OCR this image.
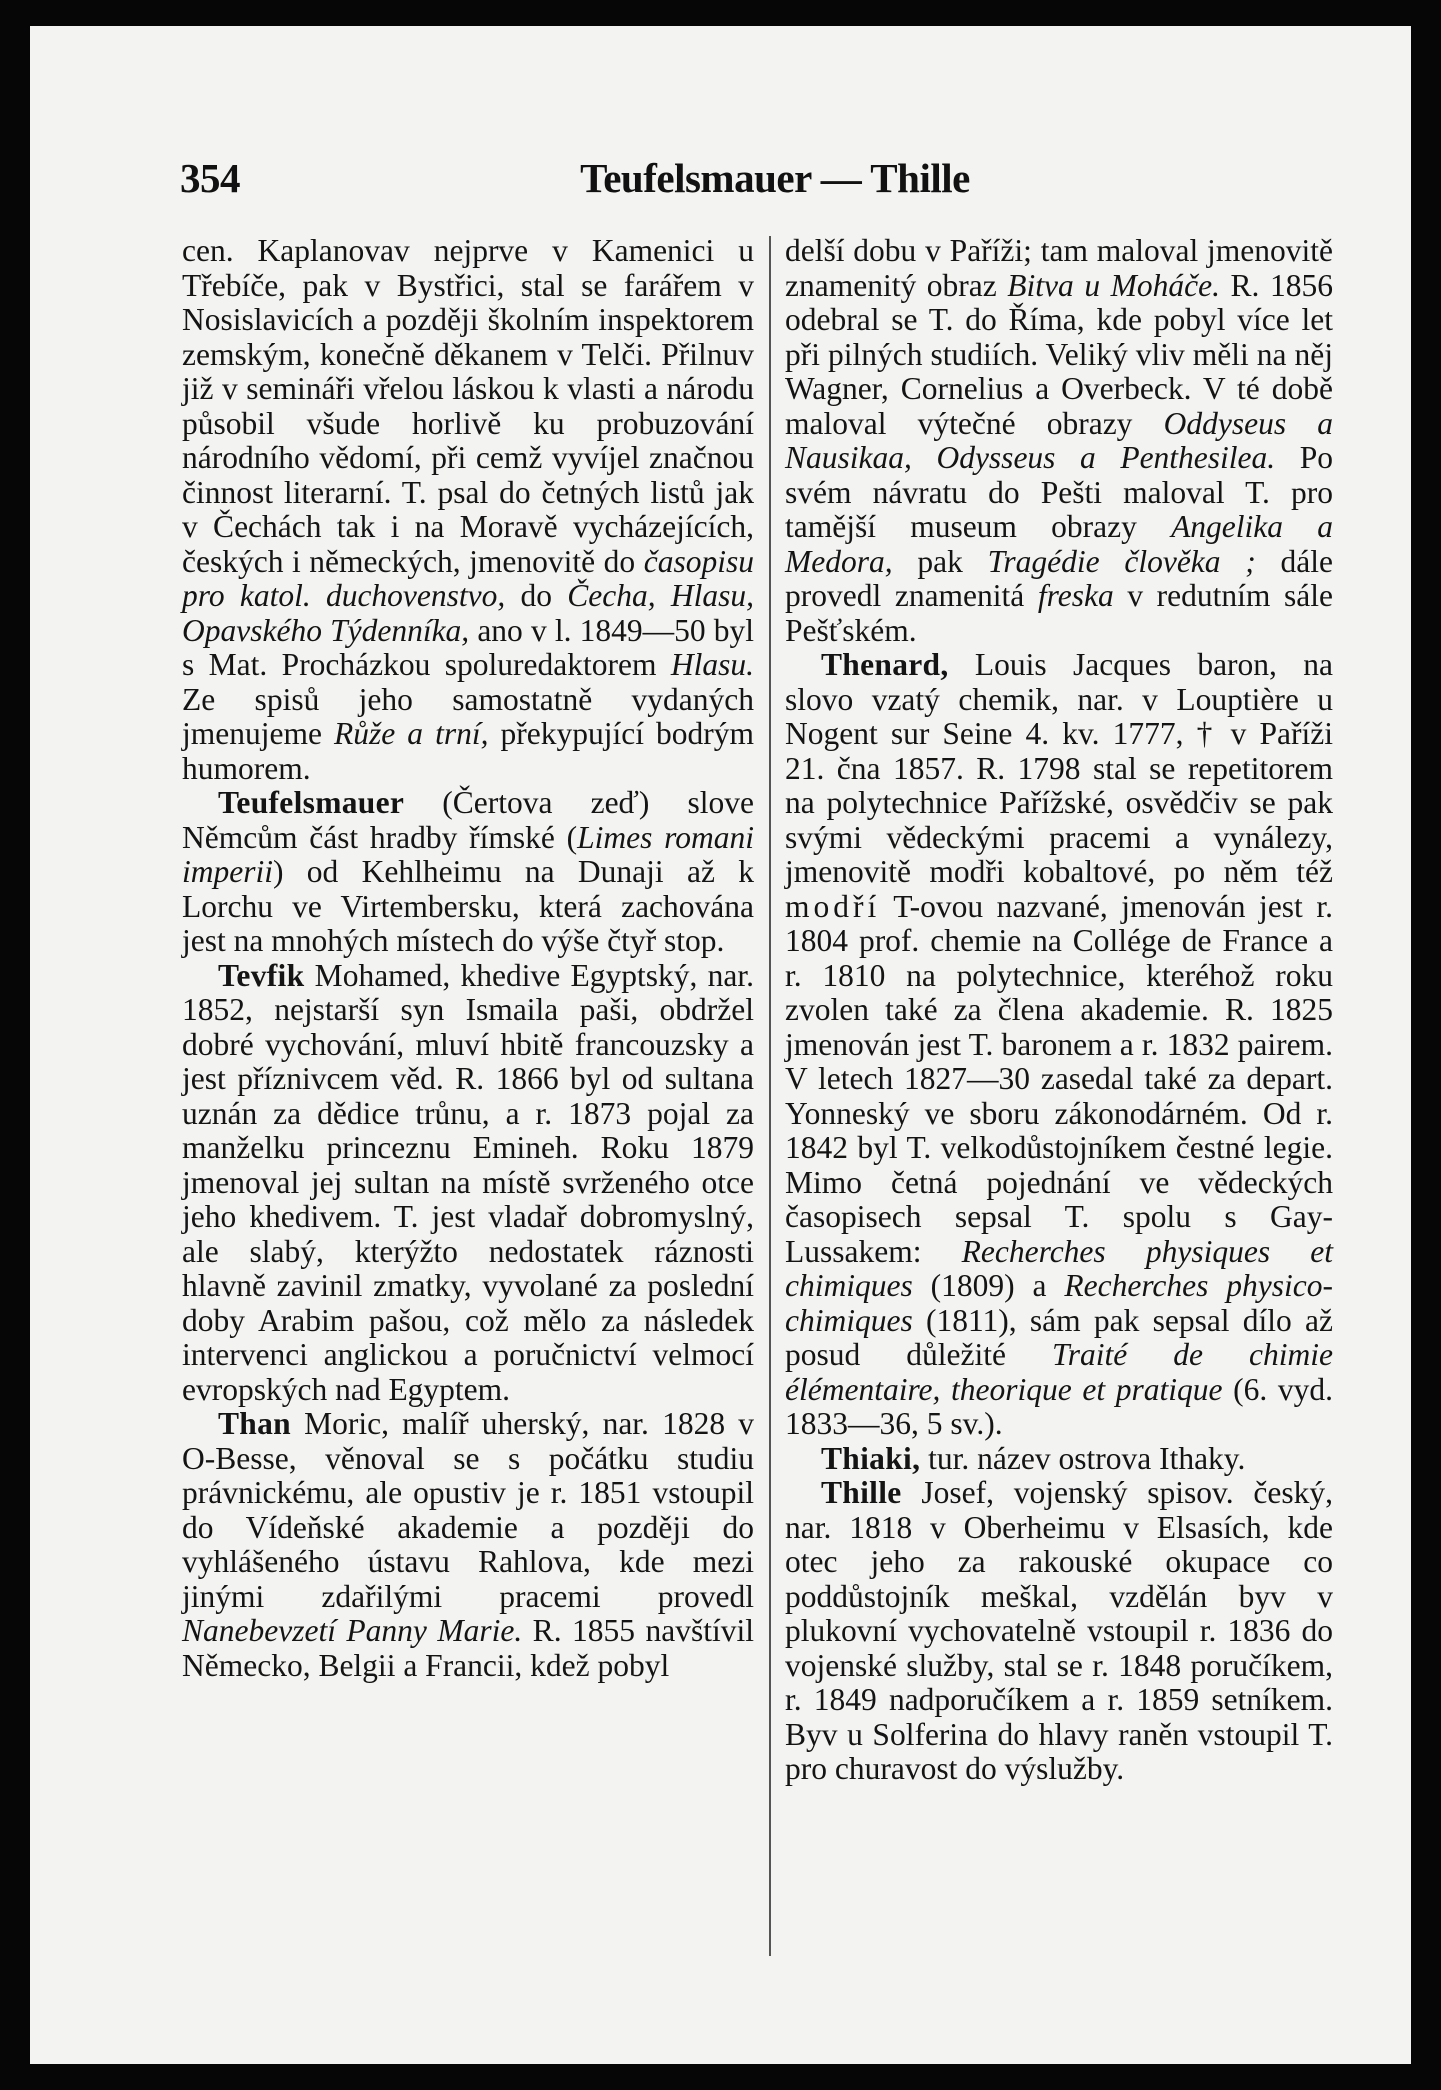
354	Teufelsmauer — Thille

cen. Kaplanovav nejprve v Kamenici u Třebíče, pak v Bystřici, stal se farářem v Nosislavicích a později školním inspektorem zemským, konečně děkanem v Telči. Přilnuv již v semináři vřelou láskou k vlasti a národu působil všude horlivě ku probuzování národního vědomí, při cemž vyvíjel značnou činnost literarní. T. psal do četných listů jak v Čechách tak i na Moravě vycházejících, českých i německých, jmenovitě do časopisu pro katol. duchovenstvo, do Čecha, Hlasu, Opavského Týdenníka, ano v l. 1849—50 byl s Mat. Procházkou spoluredaktorem Hlasu. Ze spisů jeho samostatně vydaných jmenujeme Růže a trní, překypující bodrým humorem.

Teufelsmauer (Čertova zeď) slove Němcům část hradby římské (Limes romani imperii) od Kehlheimu na Dunaji až k Lorchu ve Virtembersku, která zachována jest na mnohých místech do výše čtyř stop.

Tevfik Mohamed, khedive Egyptský, nar. 1852, nejstarší syn Ismaila paši, obdržel dobré vychování, mluví hbitě francouzsky a jest příznivcem věd. R. 1866 byl od sultana uznán za dědice trůnu, a r. 1873 pojal za manželku princeznu Emineh. Roku 1879 jmenoval jej sultan na místě svrženého otce jeho khedivem. T. jest vladař dobromyslný, ale slabý, kterýžto nedostatek ráznosti hlavně zavinil zmatky, vyvolané za poslední doby Arabim pašou, což mělo za následek intervenci anglickou a poručnictví velmocí evropských nad Egyptem.

Than Moric, malíř uherský, nar. 1828 v O-Besse, věnoval se s počátku studiu právnickému, ale opustiv je r. 1851 vstoupil do Vídeňské akademie a později do vyhlášeného ústavu Rahlova, kde mezi jinými zdařilými pracemi provedl Nanebevzetí Panny Marie. R. 1855 navštívil Německo, Belgii a Francii, kdež pobyl

delší dobu v Paříži; tam maloval jmenovitě znamenitý obraz Bitva u Moháče. R. 1856 odebral se T. do Říma, kde pobyl více let při pilných studiích. Veliký vliv měli na něj Wagner, Cornelius a Overbeck. V té době maloval výtečné obrazy Oddyseus a Nausikaa, Odysseus a Penthesilea. Po svém návratu do Pešti maloval T. pro tamější museum obrazy Angelika a Medora, pak Tragédie člověka ; dále provedl znamenitá freska v redutním sále Pešťském.

Thenard, Louis Jacques baron, na slovo vzatý chemik, nar. v Louptière u Nogent sur Seine 4. kv. 1777, † v Paříži 21. čna 1857. R. 1798 stal se repetitorem na polytechnice Pařížské, osvědčiv se pak svými vědeckými pracemi a vynálezy, jmenovitě modři kobaltové, po něm též modří T-ovou nazvané, jmenován jest r. 1804 prof. chemie na Collége de France a r. 1810 na polytechnice, kteréhož roku zvolen také za člena akademie. R. 1825 jmenován jest T. baronem a r. 1832 pairem. V letech 1827—30 zasedal také za depart. Yonneský ve sboru zákonodárném. Od r. 1842 byl T. velkodůstojníkem čestné legie. Mimo četná pojednání ve vědeckých časopisech sepsal T. spolu s Gay-Lussakem: Recherches physiques et chimiques (1809) a Recherches physico-chimiques (1811), sám pak sepsal dílo až posud důležité Traité de chimie élémentaire, theorique et pratique (6. vyd. 1833—36, 5 sv.).

Thiaki, tur. název ostrova Ithaky.

Thille Josef, vojenský spisov. český, nar. 1818 v Oberheimu v Elsasích, kde otec jeho za rakouské okupace co poddůstojník meškal, vzdělán byv v plukovní vychovatelně vstoupil r. 1836 do vojenské služby, stal se r. 1848 poručíkem, r. 1849 nadporučíkem a r. 1859 setníkem. Byv u Solferina do hlavy raněn vstoupil T. pro churavost do výslužby.
